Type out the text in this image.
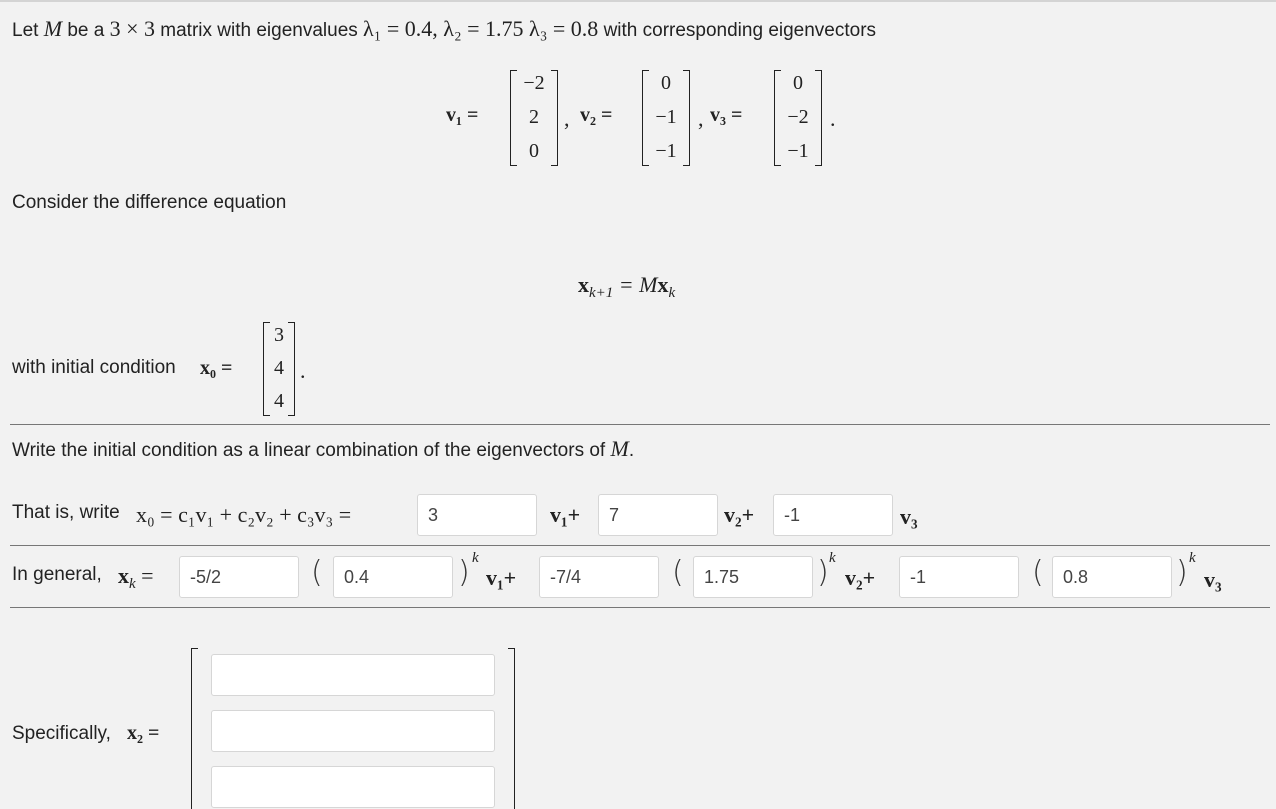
Let M be a 3 × 3 matrix with eigenvalues λ₁ = 0.4, λ₂ = 1.75 λ₃ = 0.8 with corresponding eigenvectors
v₁ =
−2
2
0
, v₂ =
0
−1
−1
, v₃ =
0
−2
−1
.
Consider the difference equation
$x_{k+1} = Mx_k$
with initial condition x₀ =
3
4
4
.
Write the initial condition as a linear combination of the eigenvectors of M.
That is, write x₀ = c₁v₁ + c₂v₂ + c₃v₃ =	3	v₁+	7	v₂+	-1	v₃
In general, $x_k$ =	-5/2	(	0.4	) k
v₁+	-7/4	(	1.75	) k
v₂+	-1	(	0.8	) k
v₃
Specifically, x₂ =
